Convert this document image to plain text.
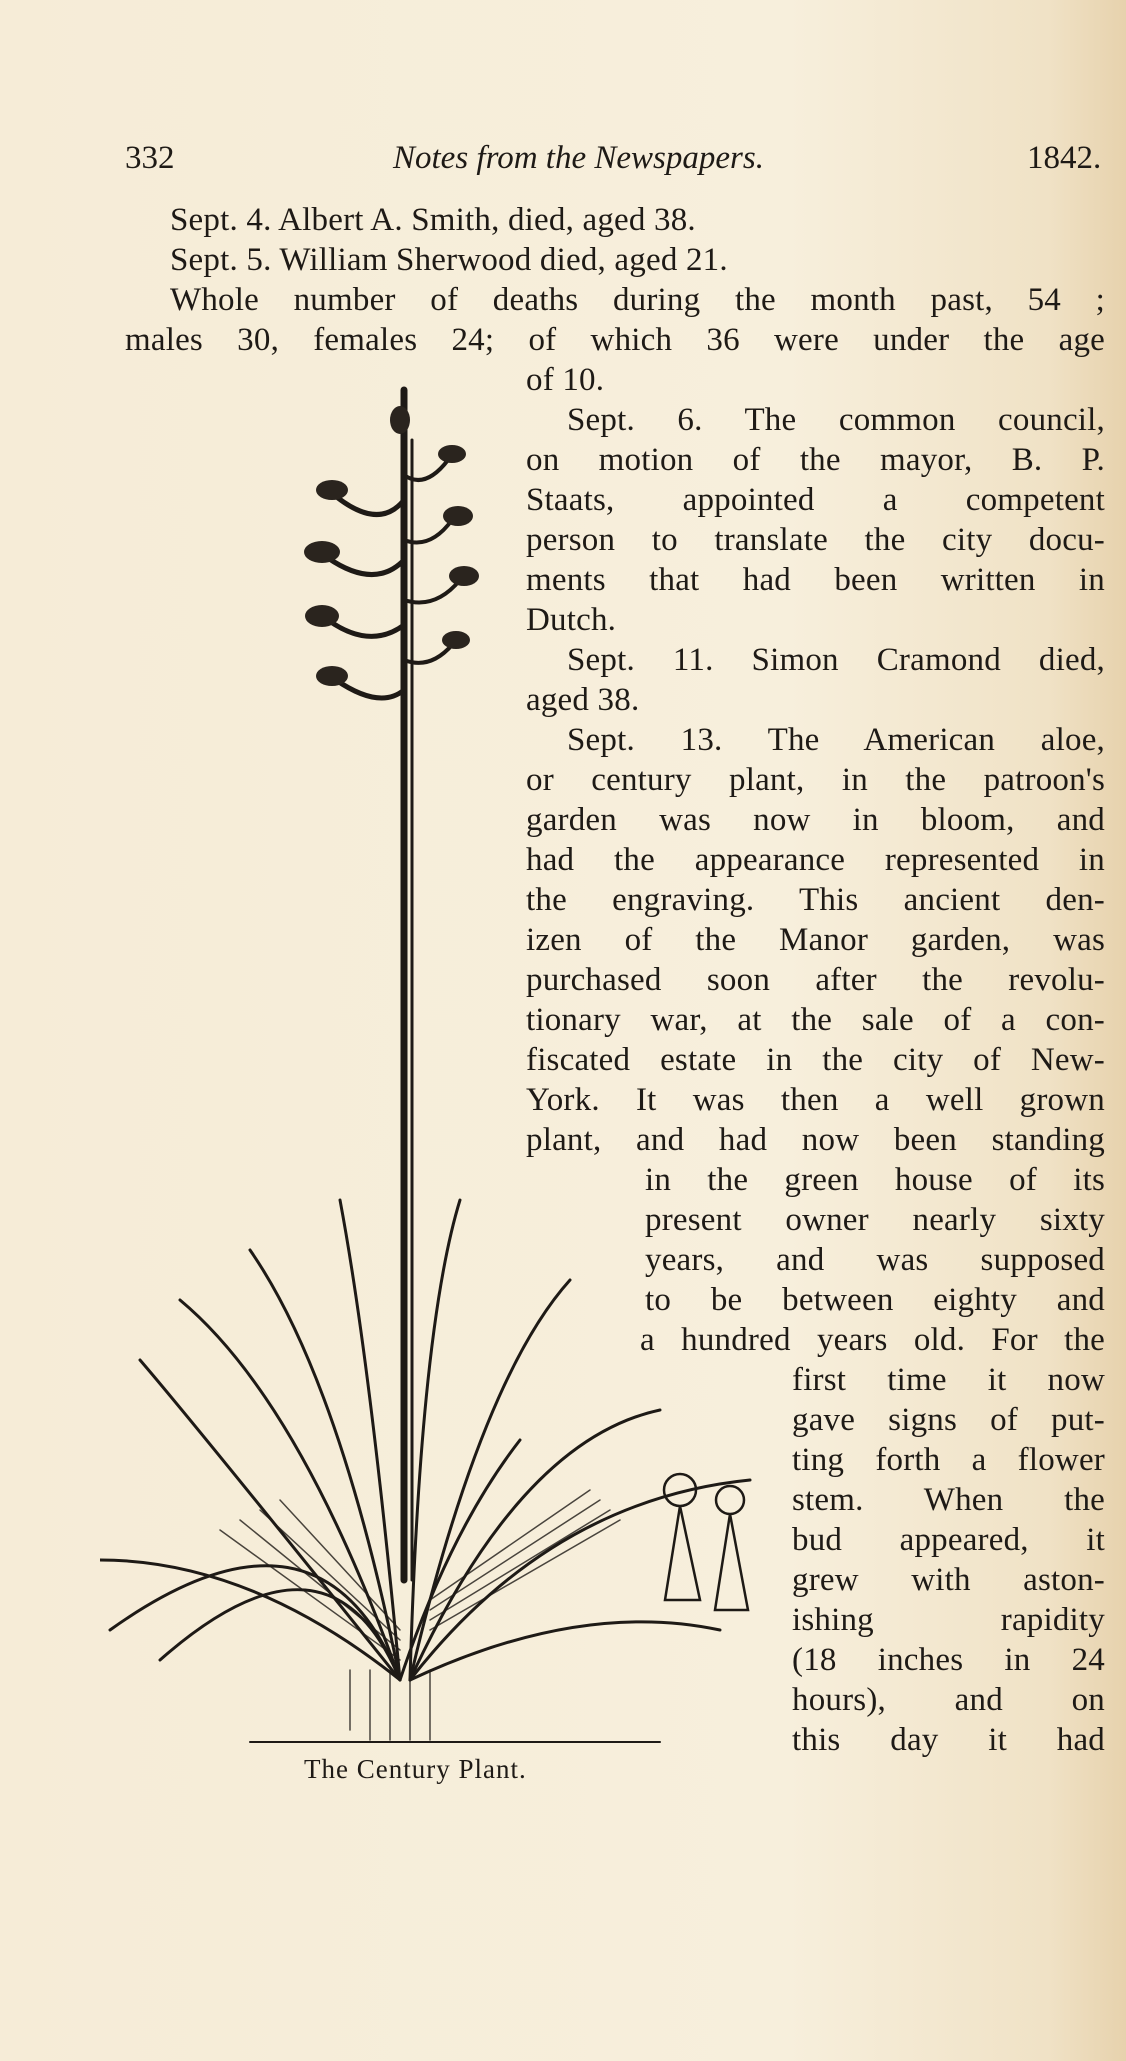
332	Notes from the Newspapers.	1842.
Sept. 4. Albert A. Smith, died, aged 38.
Sept. 5. William Sherwood died, aged 21.
Whole number of deaths during the month past, 54 ;
males 30, females 24; of which 36 were under the age
of 10.
Sept. 6. The common council,
on motion of the mayor, B. P.
Staats, appointed a competent
person to translate the city docu-
ments that had been written in
Dutch.
Sept. 11. Simon Cramond died,
aged 38.
Sept. 13. The American aloe,
or century plant, in the patroon's
garden was now in bloom, and
had the appearance represented in
the engraving. This ancient den-
izen of the Manor garden, was
purchased soon after the revolu-
tionary war, at the sale of a con-
fiscated estate in the city of New-
York. It was then a well grown
plant, and had now been standing
in the green house of its
present owner nearly sixty
years, and was supposed
to be between eighty and
a hundred years old. For the
first time it now
gave signs of put-
ting forth a flower
stem. When the
bud appeared, it
grew with aston-
ishing rapidity
(18 inches in 24
hours), and on
this day it had
The Century Plant.
